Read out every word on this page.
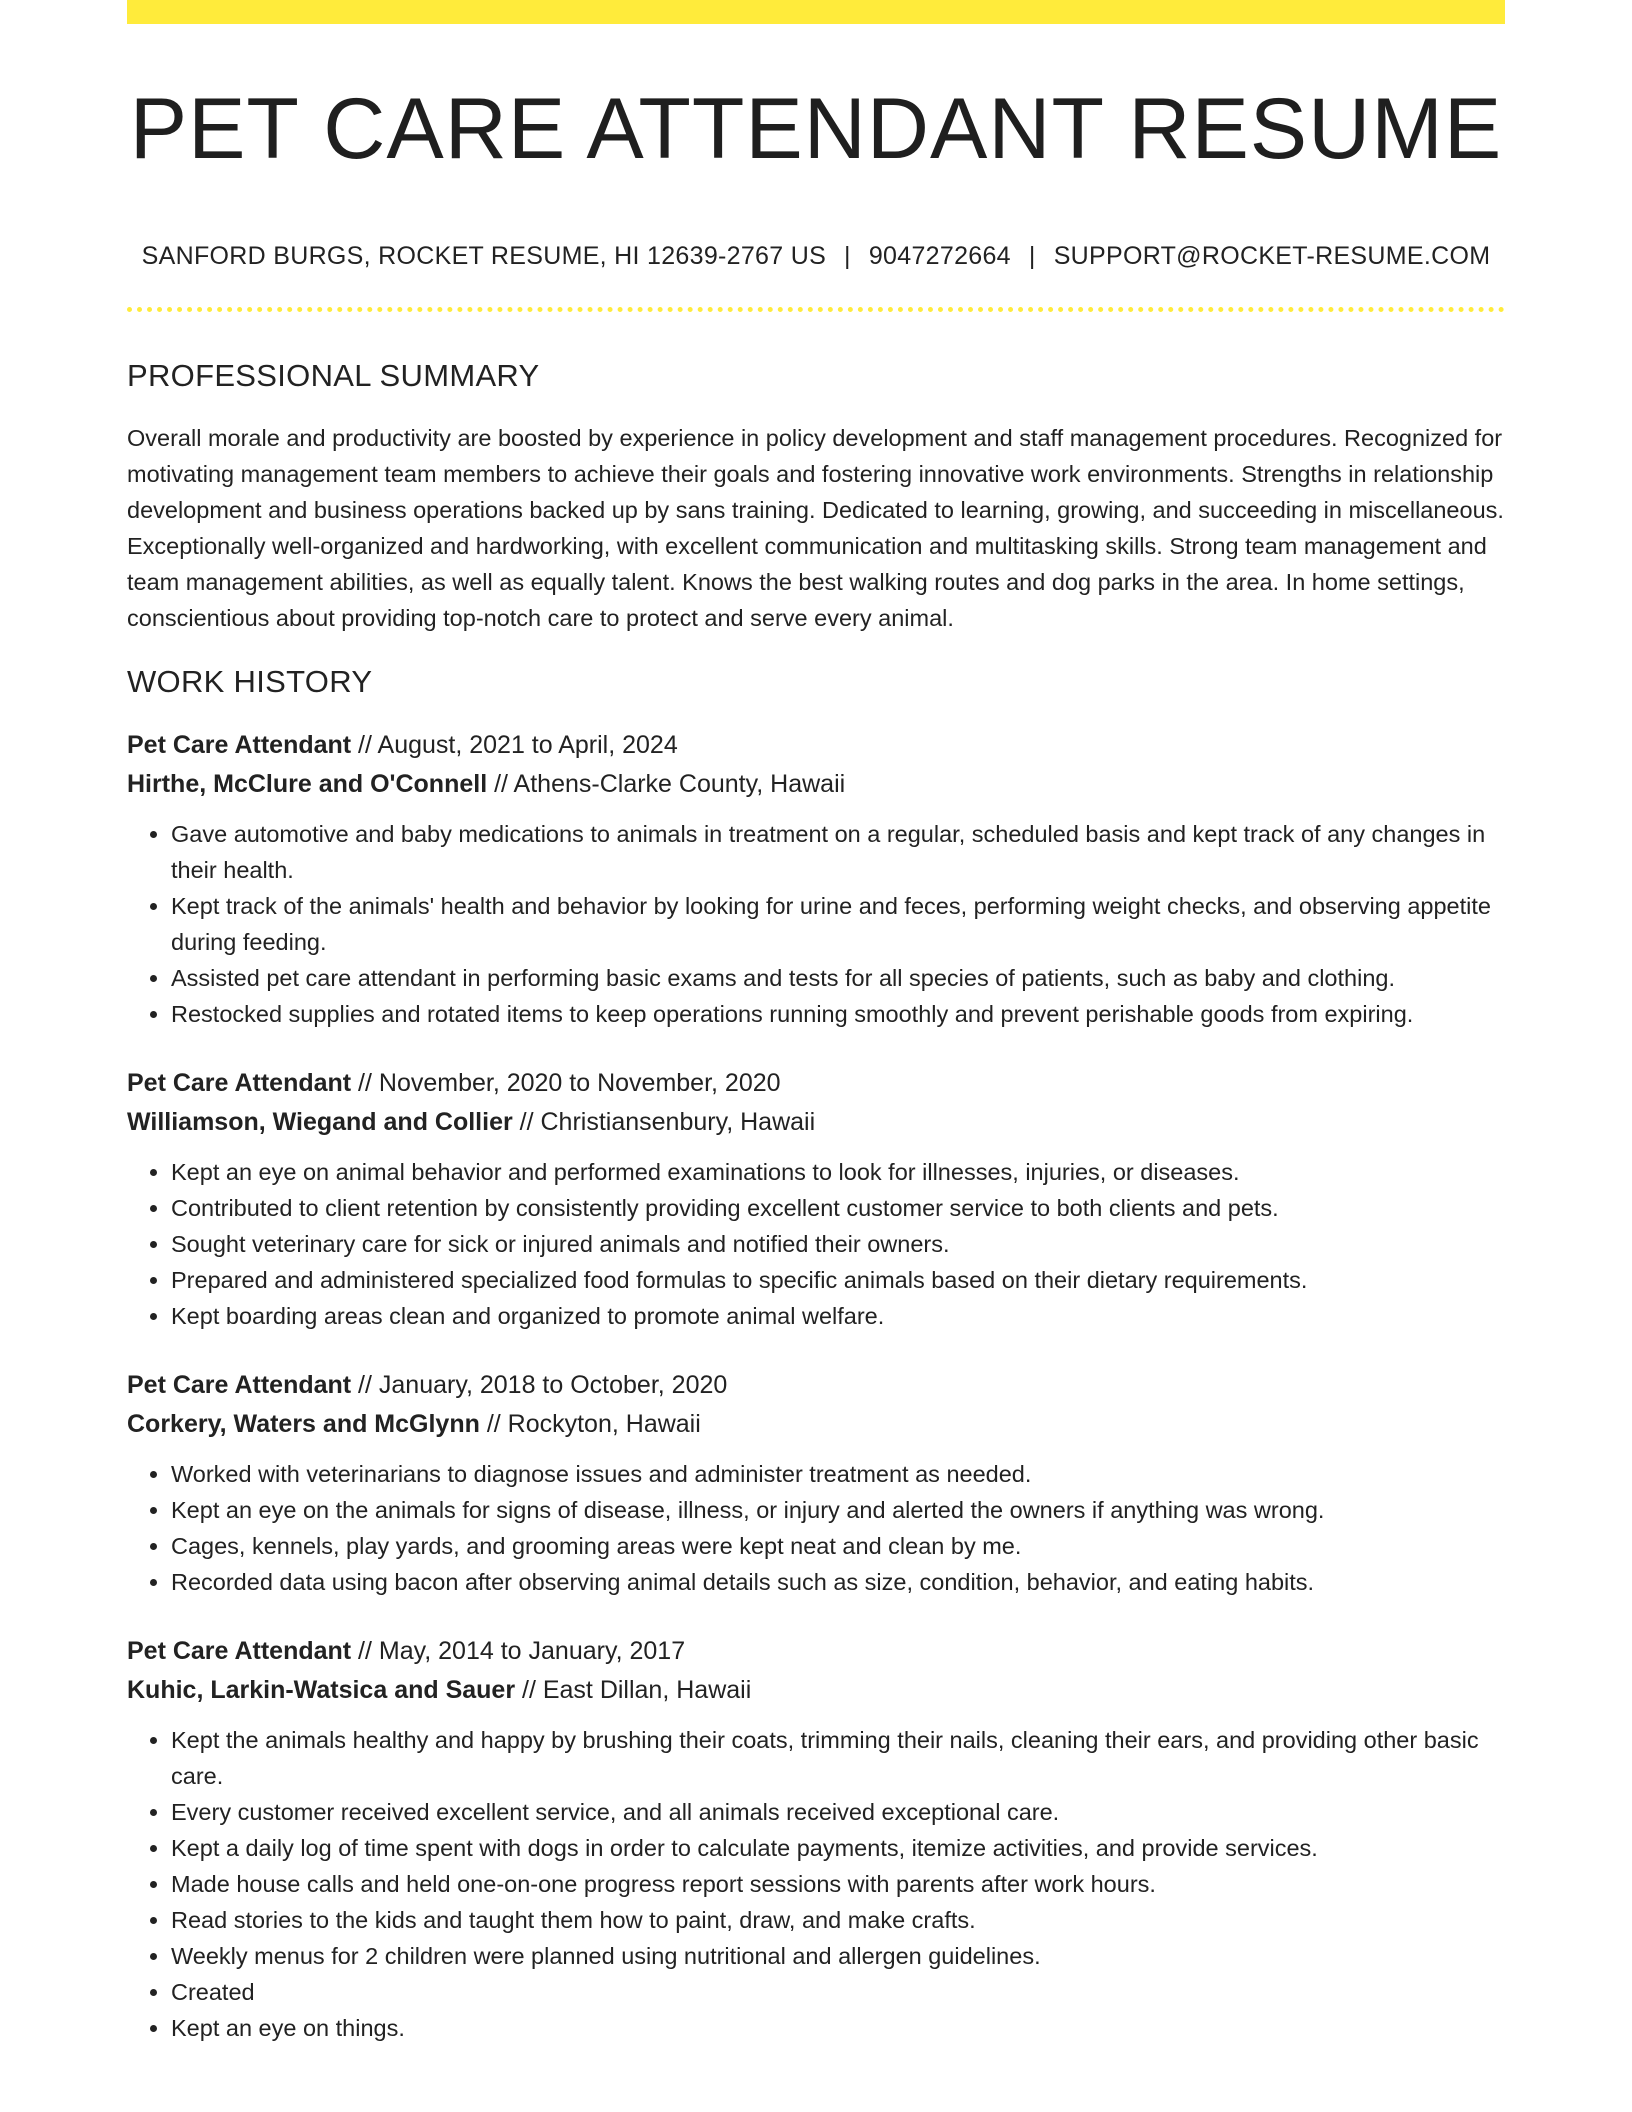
PET CARE ATTENDANT RESUME
SANFORD BURGS, ROCKET RESUME, HI 12639-2767 US | 9047272664 | SUPPORT@ROCKET-RESUME.COM
PROFESSIONAL SUMMARY

Overall morale and productivity are boosted by experience in policy development and staff management procedures. Recognized for motivating management team members to achieve their goals and fostering innovative work environments. Strengths in relationship development and business operations backed up by sans training. Dedicated to learning, growing, and succeeding in miscellaneous. Exceptionally well-organized and hardworking, with excellent communication and multitasking skills. Strong team management and team management abilities, as well as equally talent. Knows the best walking routes and dog parks in the area. In home settings, conscientious about providing top-notch care to protect and serve every animal.

WORK HISTORY
Pet Care Attendant // August, 2021 to April, 2024
Hirthe, McClure and O'Connell // Athens-Clarke County, Hawaii
• Gave automotive and baby medications to animals in treatment on a regular, scheduled basis and kept track of any changes in their health.
• Kept track of the animals' health and behavior by looking for urine and feces, performing weight checks, and observing appetite during feeding.
• Assisted pet care attendant in performing basic exams and tests for all species of patients, such as baby and clothing.
• Restocked supplies and rotated items to keep operations running smoothly and prevent perishable goods from expiring.
Pet Care Attendant // November, 2020 to November, 2020
Williamson, Wiegand and Collier // Christiansenbury, Hawaii
• Kept an eye on animal behavior and performed examinations to look for illnesses, injuries, or diseases.
• Contributed to client retention by consistently providing excellent customer service to both clients and pets.
• Sought veterinary care for sick or injured animals and notified their owners.
• Prepared and administered specialized food formulas to specific animals based on their dietary requirements.
• Kept boarding areas clean and organized to promote animal welfare.
Pet Care Attendant // January, 2018 to October, 2020
Corkery, Waters and McGlynn // Rockyton, Hawaii
• Worked with veterinarians to diagnose issues and administer treatment as needed.
• Kept an eye on the animals for signs of disease, illness, or injury and alerted the owners if anything was wrong.
• Cages, kennels, play yards, and grooming areas were kept neat and clean by me.
• Recorded data using bacon after observing animal details such as size, condition, behavior, and eating habits.
Pet Care Attendant // May, 2014 to January, 2017
Kuhic, Larkin-Watsica and Sauer // East Dillan, Hawaii
• Kept the animals healthy and happy by brushing their coats, trimming their nails, cleaning their ears, and providing other basic care.
• Every customer received excellent service, and all animals received exceptional care.
• Kept a daily log of time spent with dogs in order to calculate payments, itemize activities, and provide services.
• Made house calls and held one-on-one progress report sessions with parents after work hours.
• Read stories to the kids and taught them how to paint, draw, and make crafts.
• Weekly menus for 2 children were planned using nutritional and allergen guidelines.
• Created
• Kept an eye on things.
